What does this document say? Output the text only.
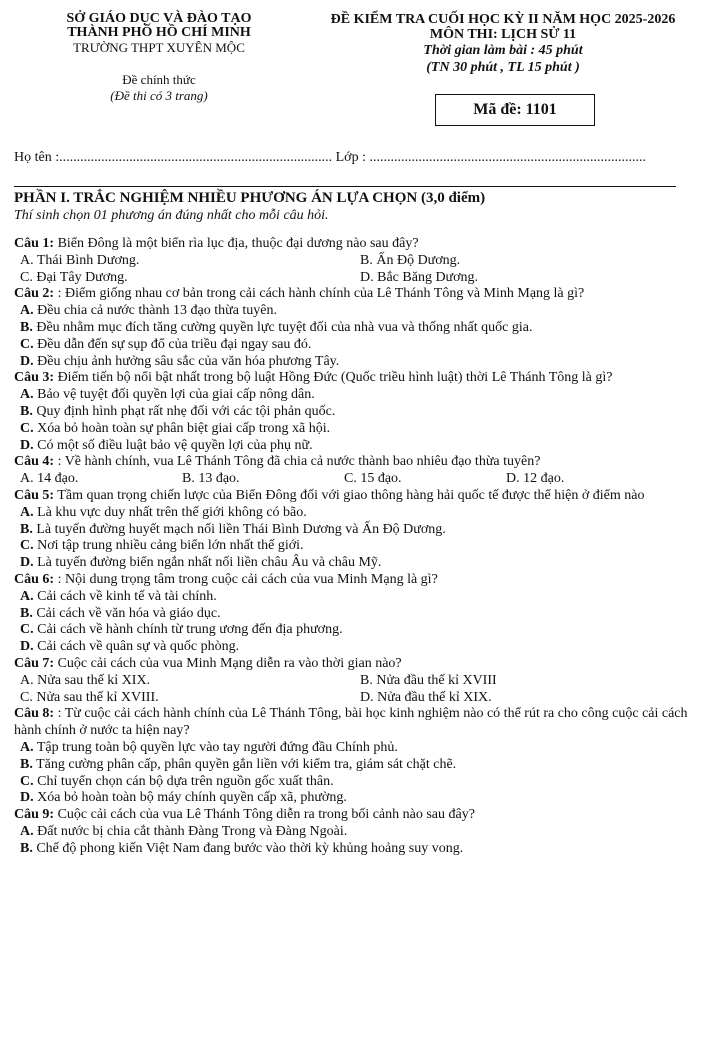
SỞ GIÁO DỤC VÀ ĐÀO TẠO
THÀNH PHỐ HỒ CHÍ MINH
TRƯỜNG THPT XUYÊN MỘC
Đề chính thức
(Đề thi có 3 trang)
ĐỀ KIỂM TRA CUỐI HỌC KỲ II NĂM HỌC 2025-2026
MÔN THI: LỊCH SỬ 11
Thời gian làm bài : 45 phút
(TN 30 phút , TL 15 phút )
Mã đề: 1101
Họ tên :.............................................................................. Lớp : ...............................................................................
PHẦN I. TRẮC NGHIỆM NHIỀU PHƯƠNG ÁN LỰA CHỌN (3,0 điểm)
Thí sinh chọn 01 phương án đúng nhất cho mỗi câu hỏi.
Câu 1: Biển Đông là một biển rìa lục địa, thuộc đại dương nào sau đây?
A. Thái Bình Dương.	B. Ấn Độ Dương.
C. Đại Tây Dương.	D. Bắc Băng Dương.
Câu 2: : Điểm giống nhau cơ bản trong cải cách hành chính của Lê Thánh Tông và Minh Mạng là gì?
A. Đều chia cả nước thành 13 đạo thừa tuyên.
B. Đều nhằm mục đích tăng cường quyền lực tuyệt đối của nhà vua và thống nhất quốc gia.
C. Đều dẫn đến sự sụp đổ của triều đại ngay sau đó.
D. Đều chịu ảnh hưởng sâu sắc của văn hóa phương Tây.
Câu 3: Điểm tiến bộ nổi bật nhất trong bộ luật Hồng Đức (Quốc triều hình luật) thời Lê Thánh Tông là gì?
A. Bảo vệ tuyệt đối quyền lợi của giai cấp nông dân.
B. Quy định hình phạt rất nhẹ đối với các tội phản quốc.
C. Xóa bỏ hoàn toàn sự phân biệt giai cấp trong xã hội.
D. Có một số điều luật bảo vệ quyền lợi của phụ nữ.
Câu 4: : Về hành chính, vua Lê Thánh Tông đã chia cả nước thành bao nhiêu đạo thừa tuyên?
A. 14 đạo.	B. 13 đạo.	C. 15 đạo.	D. 12 đạo.
Câu 5: Tầm quan trọng chiến lược của Biển Đông đối với giao thông hàng hải quốc tế được thể hiện ở điểm nào
A. Là khu vực duy nhất trên thế giới không có bão.
B. Là tuyến đường huyết mạch nối liền Thái Bình Dương và Ấn Độ Dương.
C. Nơi tập trung nhiều cảng biển lớn nhất thế giới.
D. Là tuyến đường biển ngắn nhất nối liền châu Âu và châu Mỹ.
Câu 6: : Nội dung trọng tâm trong cuộc cải cách của vua Minh Mạng là gì?
A. Cải cách về kinh tế và tài chính.
B. Cải cách về văn hóa và giáo dục.
C. Cải cách về hành chính từ trung ương đến địa phương.
D. Cải cách về quân sự và quốc phòng.
Câu 7: Cuộc cải cách của vua Minh Mạng diễn ra vào thời gian nào?
A. Nửa sau thế kỉ XIX.	B. Nửa đầu thế kỉ XVIII
C. Nửa sau thế kỉ XVIII.	D. Nửa đầu thế kỉ XIX.
Câu 8: : Từ cuộc cải cách hành chính của Lê Thánh Tông, bài học kinh nghiệm nào có thể rút ra cho công cuộc cải cách hành chính ở nước ta hiện nay?
A. Tập trung toàn bộ quyền lực vào tay người đứng đầu Chính phủ.
B. Tăng cường phân cấp, phân quyền gắn liền với kiểm tra, giám sát chặt chẽ.
C. Chỉ tuyển chọn cán bộ dựa trên nguồn gốc xuất thân.
D. Xóa bỏ hoàn toàn bộ máy chính quyền cấp xã, phường.
Câu 9: Cuộc cải cách của vua Lê Thánh Tông diễn ra trong bối cảnh nào sau đây?
A. Đất nước bị chia cắt thành Đàng Trong và Đàng Ngoài.
B. Chế độ phong kiến Việt Nam đang bước vào thời kỳ khủng hoảng suy vong.
